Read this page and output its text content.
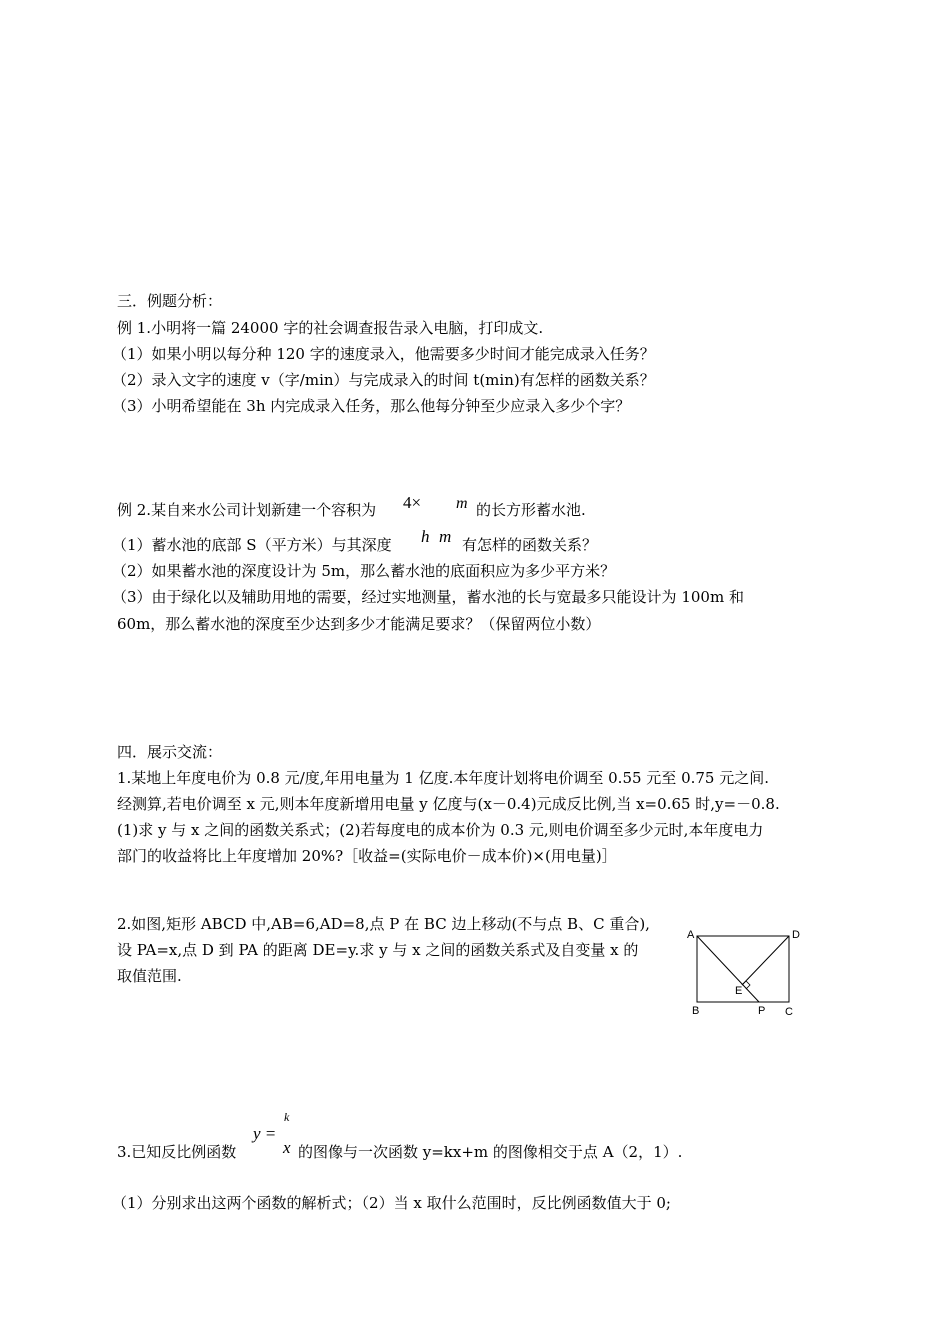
三．例题分析：
例 1.小明将一篇 24000 字的社会调查报告录入电脑，打印成文.
（1）如果小明以每分种 120 字的速度录入，他需要多少时间才能完成录入任务？
（2）录入文字的速度 v（字/min）与完成录入的时间 t(min)有怎样的函数关系？
（3）小明希望能在 3h 内完成录入任务，那么他每分钟至少应录入多少个字？
例 2.某自来水公司计划新建一个容积为 4× m 的长方形蓄水池.
（1）蓄水池的底部 S（平方米）与其深度 h m 有怎样的函数关系？
（2）如果蓄水池的深度设计为 5m，那么蓄水池的底面积应为多少平方米？
（3）由于绿化以及辅助用地的需要，经过实地测量，蓄水池的长与宽最多只能设计为 100m 和
60m，那么蓄水池的深度至少达到多少才能满足要求？（保留两位小数）
四．展示交流：
1.某地上年度电价为 0.8 元/度,年用电量为 1 亿度.本年度计划将电价调至 0.55 元至 0.75 元之间.
经测算,若电价调至 x 元,则本年度新增用电量 y 亿度与(x－0.4)元成反比例,当 x=0.65 时,y=－0.8.
(1)求 y 与 x 之间的函数关系式；(2)若每度电的成本价为 0.3 元,则电价调至多少元时,本年度电力
部门的收益将比上年度增加 20%?［收益=(实际电价－成本价)×(用电量)］
2.如图,矩形 ABCD 中,AB=6,AD=8,点 P 在 BC 边上移动(不与点 B、C 重合),
设 PA=x,点 D 到 PA 的距离 DE=y.求 y 与 x 之间的函数关系式及自变量 x 的
取值范围.
A	D
B	P C
E
3.已知反比例函数
y =
k
x 的图像与一次函数 y=kx+m 的图像相交于点 A（2，1）.
（1）分别求出这两个函数的解析式；（2）当 x 取什么范围时，反比例函数值大于 0;
